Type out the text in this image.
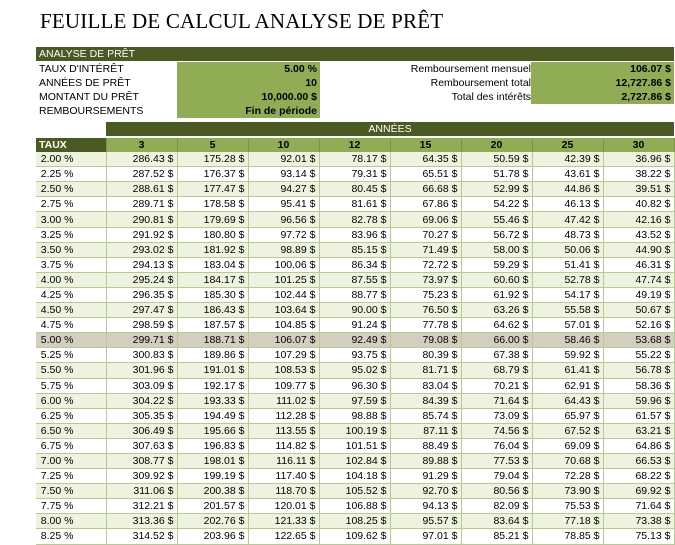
FEUILLE DE CALCUL ANALYSE DE PRÊT
ANALYSE DE PRÊT
TAUX D'INTÉRÊT	5.00 %	Remboursement mensuel	106.07 $
ANNÉES DE PRÊT	10	Remboursement total	12,727.86 $
MONTANT DU PRÊT	10,000.00 $	Total des intérêts	2,727.86 $
REMBOURSEMENTS	Fin de période
ANNÉES
TAUX	3	5	10	12	15	20	25	30
2.00 %	286.43 $	175.28 $	92.01 $	78.17 $	64.35 $	50.59 $	42.39 $	36.96 $
2.25 %	287.52 $	176.37 $	93.14 $	79.31 $	65.51 $	51.78 $	43.61 $	38.22 $
2.50 %	288.61 $	177.47 $	94.27 $	80.45 $	66.68 $	52.99 $	44.86 $	39.51 $
2.75 %	289.71 $	178.58 $	95.41 $	81.61 $	67.86 $	54.22 $	46.13 $	40.82 $
3.00 %	290.81 $	179.69 $	96.56 $	82.78 $	69.06 $	55.46 $	47.42 $	42.16 $
3.25 %	291.92 $	180.80 $	97.72 $	83.96 $	70.27 $	56.72 $	48.73 $	43.52 $
3.50 %	293.02 $	181.92 $	98.89 $	85.15 $	71.49 $	58.00 $	50.06 $	44.90 $
3.75 %	294.13 $	183.04 $	100.06 $	86.34 $	72.72 $	59.29 $	51.41 $	46.31 $
4.00 %	295.24 $	184.17 $	101.25 $	87.55 $	73.97 $	60.60 $	52.78 $	47.74 $
4.25 %	296.35 $	185.30 $	102.44 $	88.77 $	75.23 $	61.92 $	54.17 $	49.19 $
4.50 %	297.47 $	186.43 $	103.64 $	90.00 $	76.50 $	63.26 $	55.58 $	50.67 $
4.75 %	298.59 $	187.57 $	104.85 $	91.24 $	77.78 $	64.62 $	57.01 $	52.16 $
5.00 %	299.71 $	188.71 $	106.07 $	92.49 $	79.08 $	66.00 $	58.46 $	53.68 $
5.25 %	300.83 $	189.86 $	107.29 $	93.75 $	80.39 $	67.38 $	59.92 $	55.22 $
5.50 %	301.96 $	191.01 $	108.53 $	95.02 $	81.71 $	68.79 $	61.41 $	56.78 $
5.75 %	303.09 $	192.17 $	109.77 $	96.30 $	83.04 $	70.21 $	62.91 $	58.36 $
6.00 %	304.22 $	193.33 $	111.02 $	97.59 $	84.39 $	71.64 $	64.43 $	59.96 $
6.25 %	305.35 $	194.49 $	112.28 $	98.88 $	85.74 $	73.09 $	65.97 $	61.57 $
6.50 %	306.49 $	195.66 $	113.55 $	100.19 $	87.11 $	74.56 $	67.52 $	63.21 $
6.75 %	307.63 $	196.83 $	114.82 $	101.51 $	88.49 $	76.04 $	69.09 $	64.86 $
7.00 %	308.77 $	198.01 $	116.11 $	102.84 $	89.88 $	77.53 $	70.68 $	66.53 $
7.25 %	309.92 $	199.19 $	117.40 $	104.18 $	91.29 $	79.04 $	72.28 $	68.22 $
7.50 %	311.06 $	200.38 $	118.70 $	105.52 $	92.70 $	80.56 $	73.90 $	69.92 $
7.75 %	312.21 $	201.57 $	120.01 $	106.88 $	94.13 $	82.09 $	75.53 $	71.64 $
8.00 %	313.36 $	202.76 $	121.33 $	108.25 $	95.57 $	83.64 $	77.18 $	73.38 $
8.25 %	314.52 $	203.96 $	122.65 $	109.62 $	97.01 $	85.21 $	78.85 $	75.13 $
